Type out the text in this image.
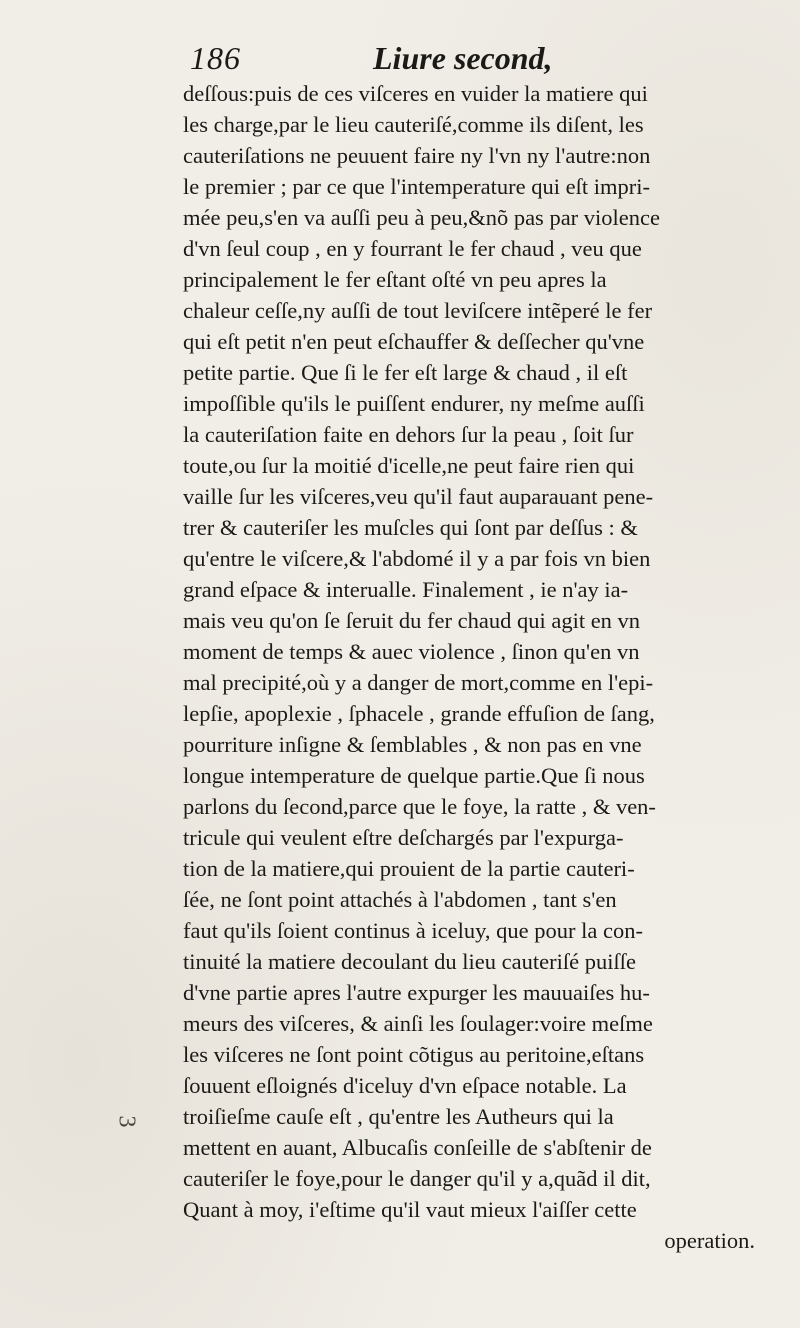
186	Liure second,
deſſous:puis de ces viſceres en vuider la matiere qui
les charge,par le lieu cauteriſé,comme ils diſent, les
cauteriſations ne peuuent faire ny l'vn ny l'autre:non
le premier ; par ce que l'intemperature qui eſt impri-
mée peu,s'en va auſſi peu à peu,&nõ pas par violence
d'vn ſeul coup , en y fourrant le fer chaud , veu que
principalement le fer eſtant oſté vn peu apres la
chaleur ceſſe,ny auſſi de tout leviſcere intẽperé le fer
qui eſt petit n'en peut eſchauffer & deſſecher qu'vne
petite partie. Que ſi le fer eſt large & chaud , il eſt
impoſſible qu'ils le puiſſent endurer, ny meſme auſſi
la cauteriſation faite en dehors ſur la peau , ſoit ſur
toute,ou ſur la moitié d'icelle,ne peut faire rien qui
vaille ſur les viſceres,veu qu'il faut auparauant pene-
trer & cauteriſer les muſcles qui ſont par deſſus : &
qu'entre le viſcere,& l'abdomé il y a par fois vn bien
grand eſpace & interualle. Finalement , ie n'ay ia-
mais veu qu'on ſe ſeruit du fer chaud qui agit en vn
moment de temps & auec violence , ſinon qu'en vn
mal precipité,où y a danger de mort,comme en l'epi-
lepſie, apoplexie , ſphacele , grande effuſion de ſang,
pourriture inſigne & ſemblables , & non pas en vne
longue intemperature de quelque partie.Que ſi nous
parlons du ſecond,parce que le foye, la ratte , & ven-
tricule qui veulent eſtre deſchargés par l'expurga-
tion de la matiere,qui prouient de la partie cauteri-
ſée, ne ſont point attachés à l'abdomen , tant s'en
faut qu'ils ſoient continus à iceluy, que pour la con-
tinuité la matiere decoulant du lieu cauteriſé puiſſe
d'vne partie apres l'autre expurger les mauuaiſes hu-
meurs des viſceres, & ainſi les ſoulager:voire meſme
les viſceres ne ſont point cõtigus au peritoine,eſtans
ſouuent eſloignés d'iceluy d'vn eſpace notable. La
troiſieſme cauſe eſt , qu'entre les Autheurs qui la
mettent en auant, Albucaſis conſeille de s'abſtenir de
cauteriſer le foye,pour le danger qu'il y a,quãd il dit,
Quant à moy, i'eſtime qu'il vaut mieux l'aiſſer cette
operation.
3
